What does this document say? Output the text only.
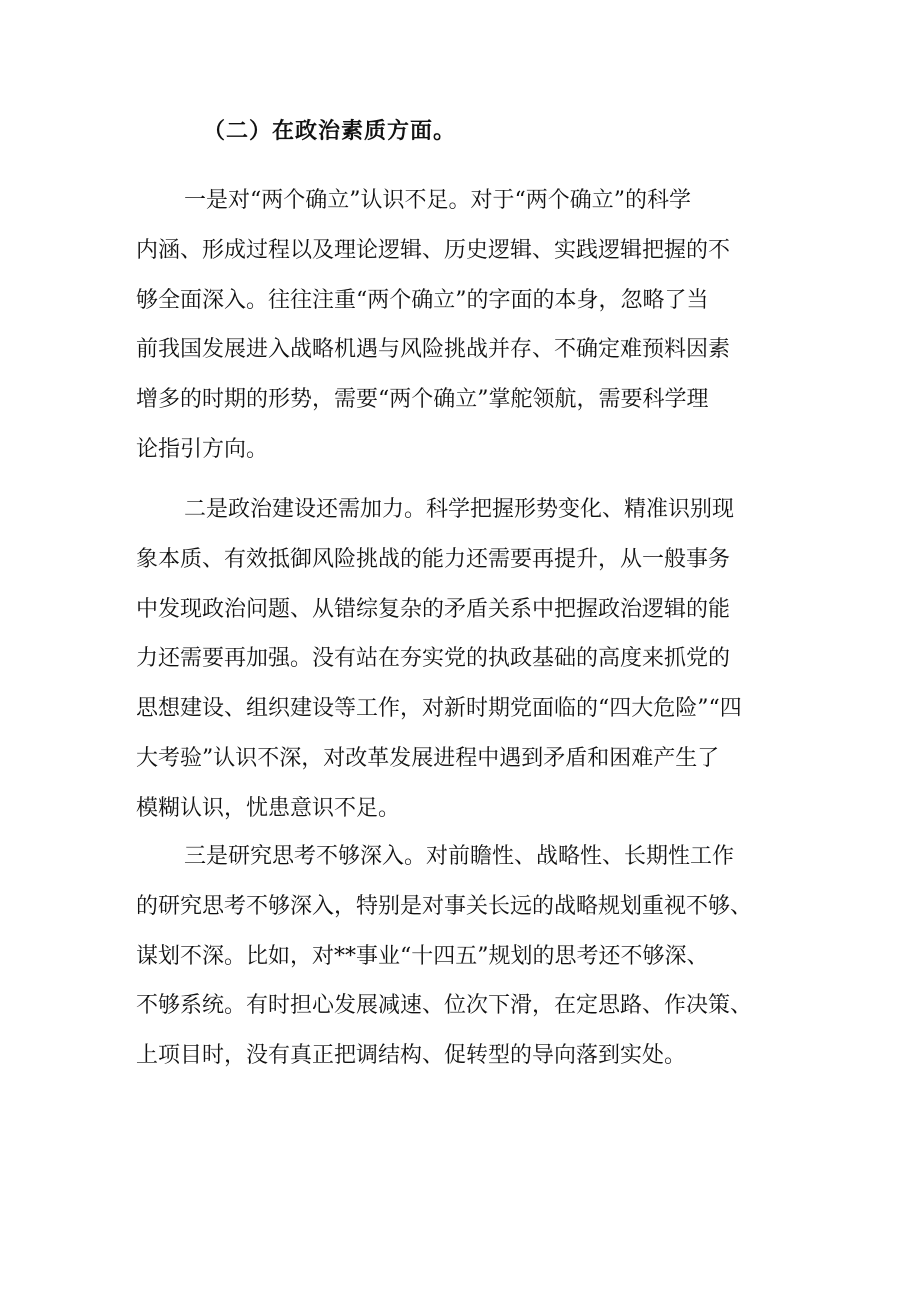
（二）在政治素质方面。
一是对“两个确立”认识不足。对于“两个确立”的科学
内涵、形成过程以及理论逻辑、历史逻辑、实践逻辑把握的不
够全面深入。往往注重“两个确立”的字面的本身，忽略了当
前我国发展进入战略机遇与风险挑战并存、不确定难预料因素
增多的时期的形势，需要“两个确立”掌舵领航，需要科学理
论指引方向。
二是政治建设还需加力。科学把握形势变化、精准识别现
象本质、有效抵御风险挑战的能力还需要再提升，从一般事务
中发现政治问题、从错综复杂的矛盾关系中把握政治逻辑的能
力还需要再加强。没有站在夯实党的执政基础的高度来抓党的
思想建设、组织建设等工作，对新时期党面临的“四大危险”“四
大考验”认识不深，对改革发展进程中遇到矛盾和困难产生了
模糊认识，忧患意识不足。
三是研究思考不够深入。对前瞻性、战略性、长期性工作
的研究思考不够深入，特别是对事关长远的战略规划重视不够、
谋划不深。比如，对**事业“十四五”规划的思考还不够深、
不够系统。有时担心发展减速、位次下滑，在定思路、作决策、
上项目时，没有真正把调结构、促转型的导向落到实处。
